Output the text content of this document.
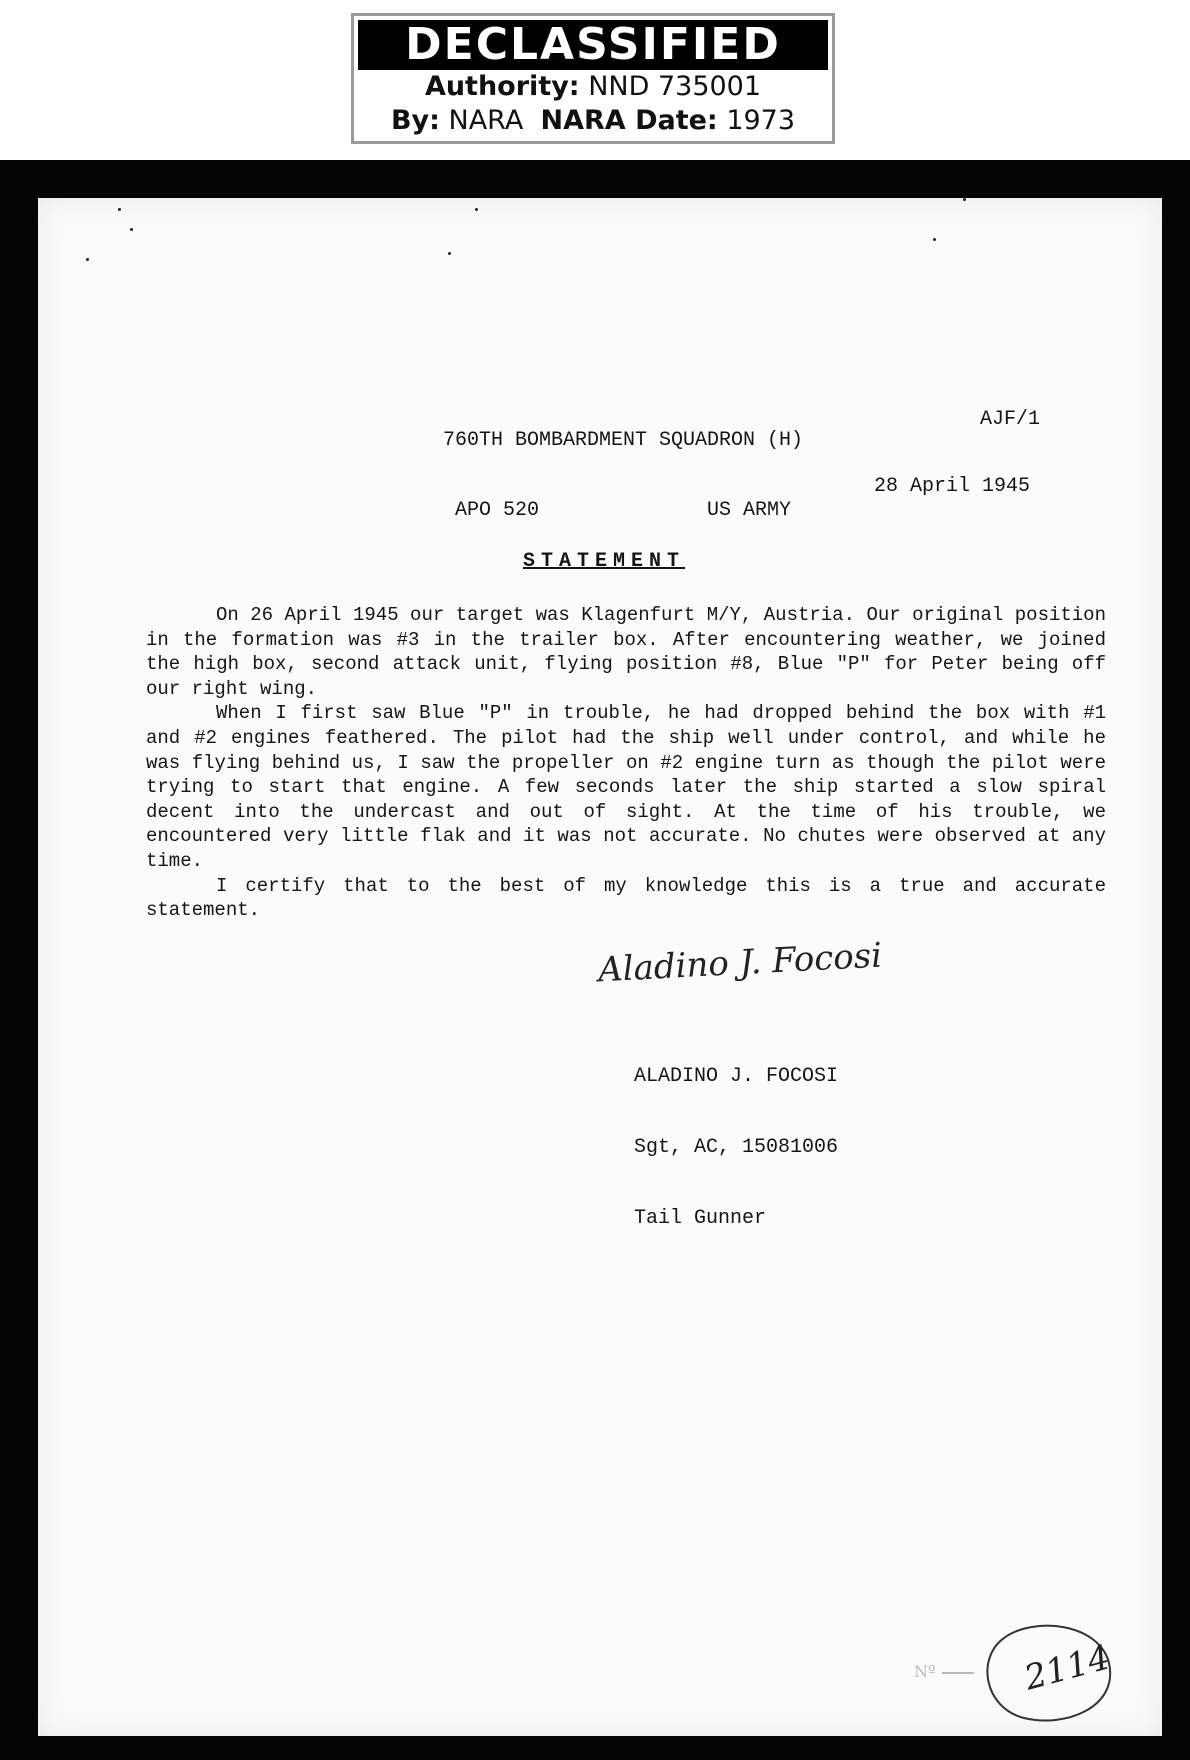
DECLASSIFIED
Authority: NND 735001
By: NARA NARA Date: 1973

760TH BOMBARDMENT SQUADRON (H)

APO 520	US ARMY

AJF/1
28 April 1945
STATEMENT

On 26 April 1945 our target was Klagenfurt M/Y, Austria. Our original position in the formation was #3 in the trailer box. After encountering weather, we joined the high box, second attack unit, flying position #8, Blue "P" for Peter being off our right wing.

When I first saw Blue "P" in trouble, he had dropped behind the box with #1 and #2 engines feathered. The pilot had the ship well under control, and while he was flying behind us, I saw the propeller on #2 engine turn as though the pilot were trying to start that engine. A few seconds later the ship started a slow spiral decent into the undercast and out of sight. At the time of his trouble, we encountered very little flak and it was not accurate. No chutes were observed at any time.

I certify that to the best of my knowledge this is a true and accurate statement.

Aladino J. Focosi

ALADINO J. FOCOSI

Sgt, AC, 15081006

Tail Gunner

Nº 2114
